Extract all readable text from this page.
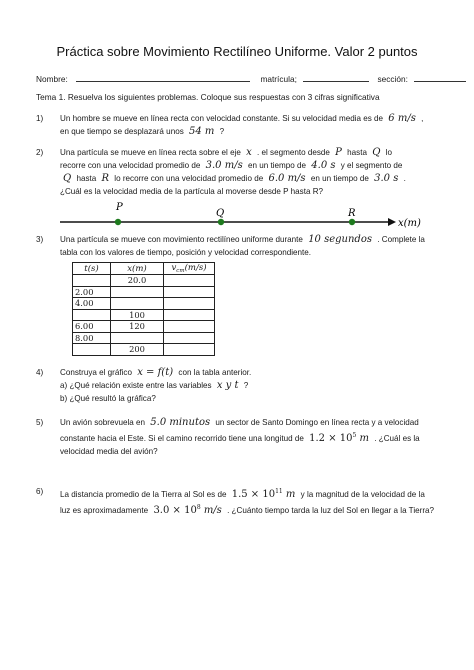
Práctica sobre Movimiento Rectilíneo Uniforme. Valor 2 puntos
Nombre:	matrícula;	sección:
Tema 1. Resuelva los siguientes problemas. Coloque sus respuestas con 3 cifras significativa
1) Un hombre se mueve en línea recta con velocidad constante. Si su velocidad media es de 6 m/s ,
en que tiempo se desplazará unos 54 m ?
2) Una partícula se mueve en línea recta sobre el eje x . el segmento desde P hasta Q lo
recorre con una velocidad promedio de 3.0 m/s en un tiempo de 4.0 s y el segmento de
Q hasta R lo recorre con una velocidad promedio de 6.0 m/s en un tiempo de 3.0 s .
¿Cuál es la velocidad media de la partícula al moverse desde P hasta R?
P
Q	R
x(m)
3) Una partícula se mueve con movimiento rectilíneo uniforme durante 10 segundos . Complete la
tabla con los valores de tiempo, posición y velocidad correspondiente.
t(s)	x(m)	$v_{cm}(m/s)$
	20.0	
2.00		
4.00		
	100	
6.00	120	
8.00		
	200	
4) Construya el gráfico x = f(t) con la tabla anterior.
a) ¿Qué relación existe entre las variables x y t ?
b) ¿Qué resultó la gráfica?
5) Un avión sobrevuela en 5.0 minutos un sector de Santo Domingo en línea recta y a velocidad
constante hacia el Este. Si el camino recorrido tiene una longitud de $1.2 \times 10^5$ m . ¿Cuál es la
velocidad media del avión?
6) La distancia promedio de la Tierra al Sol es de $1.5 \times 10^{11}$ m y la magnitud de la velocidad de la
luz es aproximadamente $3.0 \times 10^8$ m/s . ¿Cuánto tiempo tarda la luz del Sol en llegar a la Tierra?
